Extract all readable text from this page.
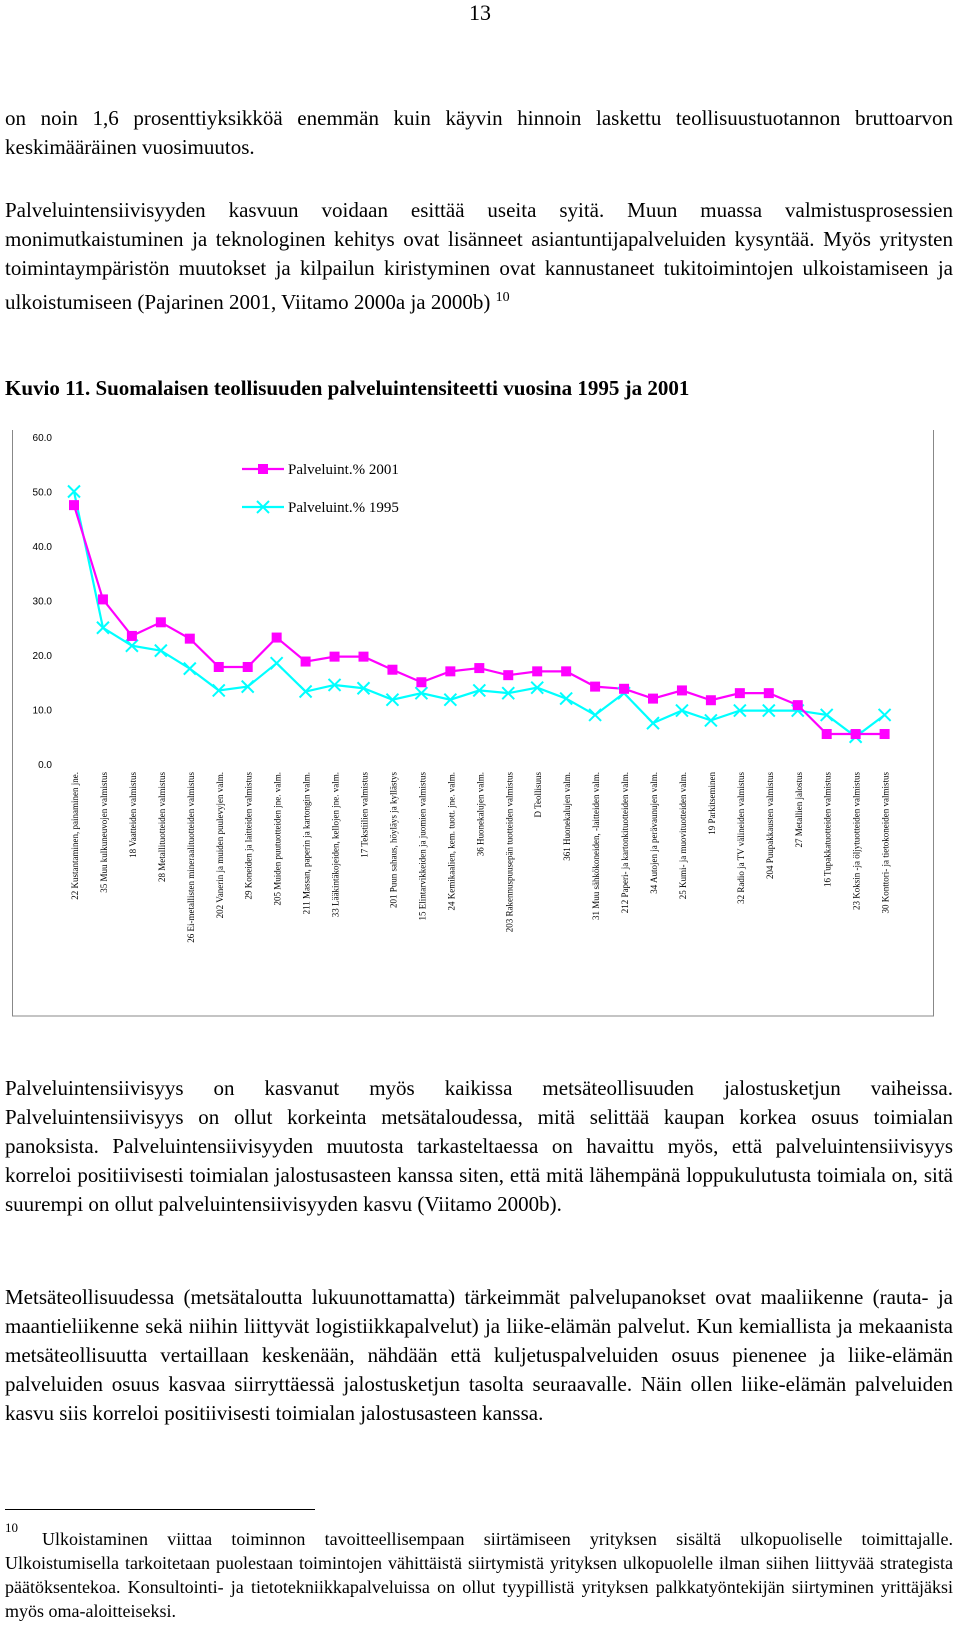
13

on noin 1,6 prosenttiyksikköä enemmän kuin käyvin hinnoin laskettu teollisuustuotannon bruttoarvon keskimääräinen vuosimuutos.

Palveluintensiivisyyden kasvuun voidaan esittää useita syitä. Muun muassa valmistusprosessien monimutkaistuminen ja teknologinen kehitys ovat lisänneet asiantuntijapalveluiden kysyntää. Myös yritysten toimintaympäristön muutokset ja kilpailun kiristyminen ovat kannustaneet tukitoimintojen ulkoistamiseen ja ulkoistumiseen (Pajarinen 2001, Viitamo 2000a ja 2000b) $^{10}$

Kuvio 11. Suomalaisen teollisuuden palveluintensiteetti vuosina 1995 ja 2001
0.0
10.0
20.0
30.0
40.0
50.0
60.0
22 Kustantaminen, painaminen jne. 35 Muu kulkuneuvojen valmistus 18 Vaatteiden valmistus 28 Metallituotteiden valmistus 26 Ei-metallisten mineraalituotteiden valmistus 202 Vanerin ja muiden puulevyjen valm. 29 Koneiden ja laitteiden valmistus 205 Muiden puutuotteiden jne. valm. 211 Massan, paperin ja kartongin valm. 33 Lääkintäkojeiden, kellojen jne. valm. 17 Tekstiilien valmistus 201 Puun sahaus, höyläys ja kyllästys 15 Elintarvikkeiden ja juomien valmistus 24 Kemikaalien, kem. tuott. jne. valm. 36 Huonekalujen valm. 203 Rakennuspuusepän tuotteiden valmistus D Teollisuus 361 Huonekalujen valm. 31 Muu sähkökoneiden, -laitteiden valm. 212 Paperi- ja kartonkituotteiden valm. 34 Autojen ja perävaunujen valm. 25 Kumi- ja muovituotteiden valm. 19 Parkitseminen 32 Radio ja TV välineiden valmistus 204 Puupakkausten valmistus 27 Metallien jalostus 16 Tupakkatuotteiden valmistus 23 Koksin -ja öljytuotteiden valmistus 30 Konttori- ja tietokoneiden valmistus
Palveluint.% 2001
Palveluint.% 1995

Palveluintensiivisyys on kasvanut myös kaikissa metsäteollisuuden jalostusketjun vaiheissa. Palveluintensiivisyys on ollut korkeinta metsätaloudessa, mitä selittää kaupan korkea osuus toimialan panoksista. Palveluintensiivisyyden muutosta tarkasteltaessa on havaittu myös, että palveluintensiivisyys korreloi positiivisesti toimialan jalostusasteen kanssa siten, että mitä lähempänä loppukulutusta toimiala on, sitä suurempi on ollut palveluintensiivisyyden kasvu (Viitamo 2000b).

Metsäteollisuudessa (metsätaloutta lukuunottamatta) tärkeimmät palvelupanokset ovat maaliikenne (rauta- ja maantieliikenne sekä niihin liittyvät logistiikkapalvelut) ja liike-elämän palvelut. Kun kemiallista ja mekaanista metsäteollisuutta vertaillaan keskenään, nähdään että kuljetuspalveluiden osuus pienenee ja liike-elämän palveluiden osuus kasvaa siirryttäessä jalostusketjun tasolta seuraavalle. Näin ollen liike-elämän palveluiden kasvu siis korreloi positiivisesti toimialan jalostusasteen kanssa.

10

Ulkoistaminen viittaa toiminnon tavoitteellisempaan siirtämiseen yrityksen sisältä ulkopuoliselle toimittajalle. Ulkoistumisella tarkoitetaan puolestaan toimintojen vähittäistä siirtymistä yrityksen ulkopuolelle ilman siihen liittyvää strategista päätöksentekoa. Konsultointi- ja tietotekniikkapalveluissa on ollut tyypillistä yrityksen palkkatyöntekijän siirtyminen yrittäjäksi myös oma-aloitteiseksi.
